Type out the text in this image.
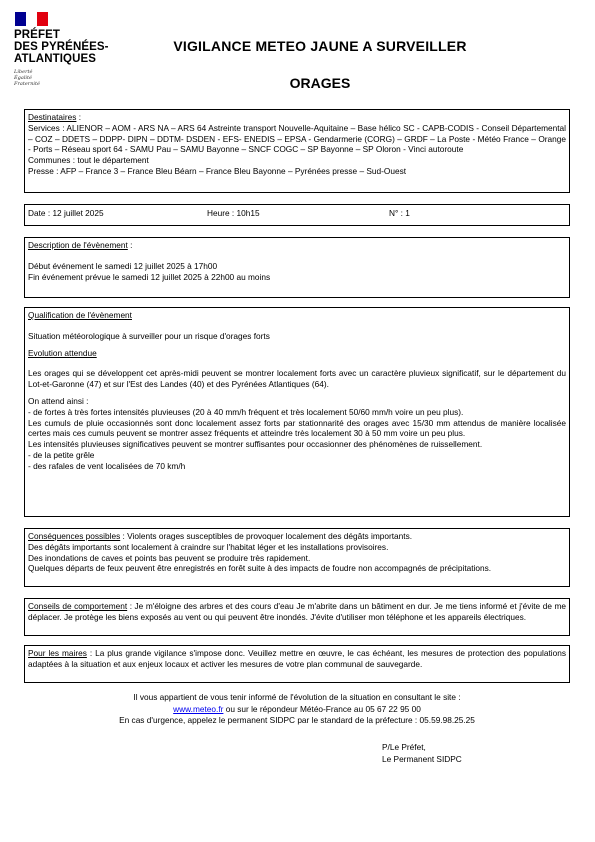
PRÉFET
DES PYRÉNÉES-
ATLANTIQUES
Liberté
Égalité
Fraternité
VIGILANCE METEO JAUNE A SURVEILLER
ORAGES

Destinataires :

Services : ALIENOR – AOM - ARS NA – ARS 64 Astreinte transport Nouvelle-Aquitaine – Base hélico SC - CAPB-CODIS - Conseil Départemental – COZ – DDETS – DDPP- DIPN – DDTM- DSDEN - EFS- ENEDIS – EPSA - Gendarmerie (CORG) – GRDF – La Poste - Météo France – Orange - Ports – Réseau sport 64 - SAMU Pau – SAMU Bayonne – SNCF COGC – SP Bayonne – SP Oloron - Vinci autoroute

Communes : tout le département

Presse : AFP – France 3 – France Bleu Béarn – France Bleu Bayonne – Pyrénées presse – Sud-Ouest

Date : 12 juillet 2025	Heure : 10h15	N° : 1

Description de l'évènement :

Début événement le samedi 12 juillet 2025 à 17h00

Fin événement prévue le samedi 12 juillet 2025 à 22h00 au moins

Qualification de l'évènement

Situation météorologique à surveiller pour un risque d'orages forts

Evolution attendue

Les orages qui se développent cet après-midi peuvent se montrer localement forts avec un caractère pluvieux significatif, sur le département du Lot-et-Garonne (47) et sur l'Est des Landes (40) et des Pyrénées Atlantiques (64).

On attend ainsi :

- de fortes à très fortes intensités pluvieuses (20 à 40 mm/h fréquent et très localement 50/60 mm/h voire un peu plus).

Les cumuls de pluie occasionnés sont donc localement assez forts par stationnarité des orages avec 15/30 mm attendus de manière localisée certes mais ces cumuls peuvent se montrer assez fréquents et atteindre très localement 30 à 50 mm voire un peu plus.

Les intensités pluvieuses significatives peuvent se montrer suffisantes pour occasionner des phénomènes de ruissellement.

- de la petite grêle

- des rafales de vent localisées de 70 km/h

Conséquences possibles : Violents orages susceptibles de provoquer localement des dégâts importants.

Des dégâts importants sont localement à craindre sur l'habitat léger et les installations provisoires.

Des inondations de caves et points bas peuvent se produire très rapidement.

Quelques départs de feux peuvent être enregistrés en forêt suite à des impacts de foudre non accompagnés de précipitations.

Conseils de comportement : Je m'éloigne des arbres et des cours d'eau Je m'abrite dans un bâtiment en dur. Je me tiens informé et j'évite de me déplacer. Je protège les biens exposés au vent ou qui peuvent être inondés. J'évite d'utiliser mon téléphone et les appareils électriques.

Pour les maires : La plus grande vigilance s'impose donc. Veuillez mettre en œuvre, le cas échéant, les mesures de protection des populations adaptées à la situation et aux enjeux locaux et activer les mesures de votre plan communal de sauvegarde.

Il vous appartient de vous tenir informé de l'évolution de la situation en consultant le site :
www.meteo.fr ou sur le répondeur Météo-France au 05 67 22 95 00
En cas d'urgence, appelez le permanent SIDPC par le standard de la préfecture : 05.59.98.25.25
P/Le Préfet,
Le Permanent SIDPC
